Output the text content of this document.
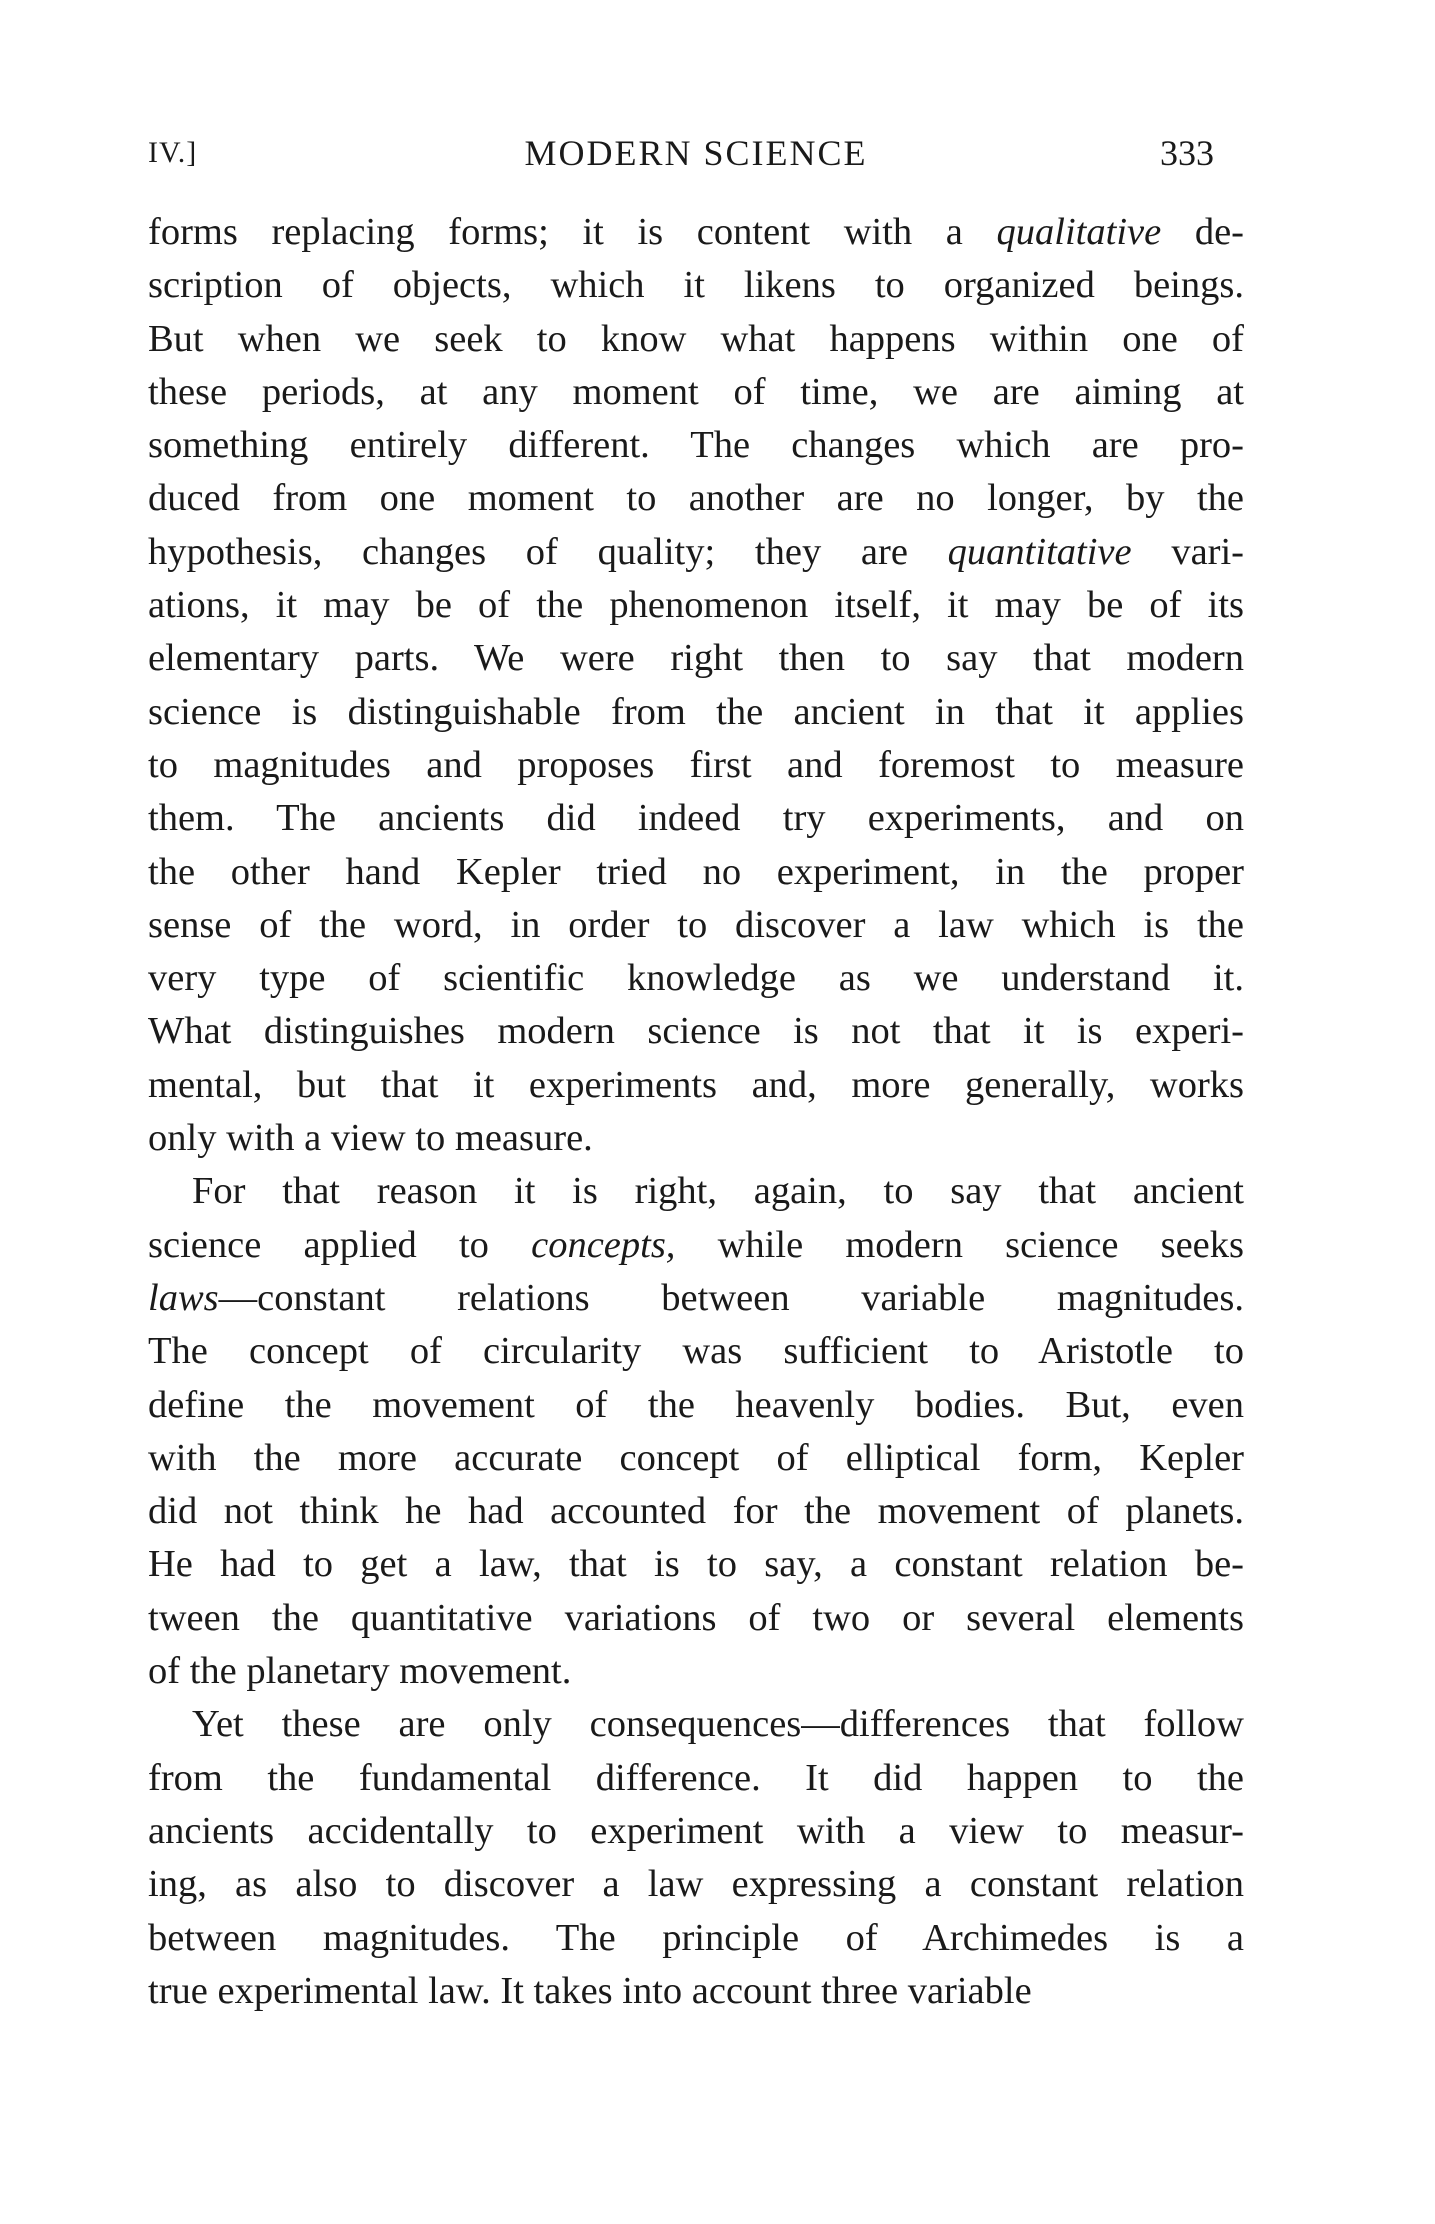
IV.]	MODERN SCIENCE	333
forms replacing forms; it is content with a qualitative de-
scription of objects, which it likens to organized beings.
But when we seek to know what happens within one of
these periods, at any moment of time, we are aiming at
something entirely different. The changes which are pro-
duced from one moment to another are no longer, by the
hypothesis, changes of quality; they are quantitative vari-
ations, it may be of the phenomenon itself, it may be of its
elementary parts. We were right then to say that modern
science is distinguishable from the ancient in that it applies
to magnitudes and proposes first and foremost to measure
them. The ancients did indeed try experiments, and on
the other hand Kepler tried no experiment, in the proper
sense of the word, in order to discover a law which is the
very type of scientific knowledge as we understand it.
What distinguishes modern science is not that it is experi-
mental, but that it experiments and, more generally, works
only with a view to measure.
For that reason it is right, again, to say that ancient
science applied to concepts, while modern science seeks
laws—constant relations between variable magnitudes.
The concept of circularity was sufficient to Aristotle to
define the movement of the heavenly bodies. But, even
with the more accurate concept of elliptical form, Kepler
did not think he had accounted for the movement of planets.
He had to get a law, that is to say, a constant relation be-
tween the quantitative variations of two or several elements
of the planetary movement.
Yet these are only consequences—differences that follow
from the fundamental difference. It did happen to the
ancients accidentally to experiment with a view to measur-
ing, as also to discover a law expressing a constant relation
between magnitudes. The principle of Archimedes is a
true experimental law. It takes into account three variable
